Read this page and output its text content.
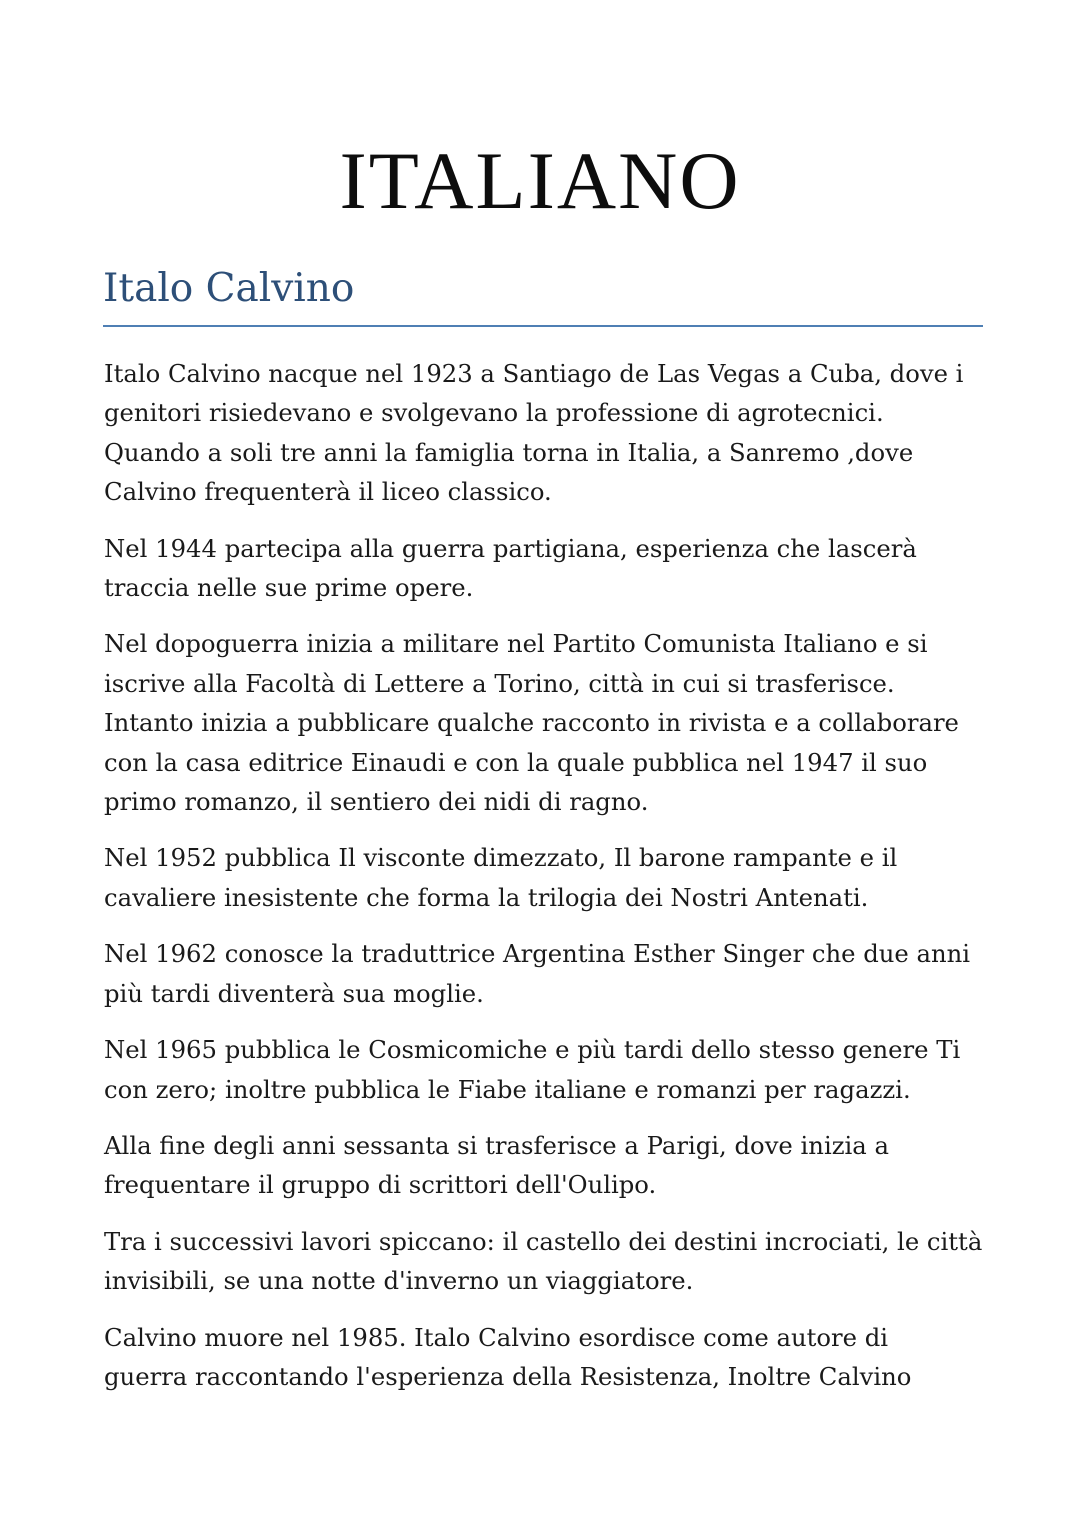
ITALIANO
Italo Calvino

Italo Calvino nacque nel 1923 a Santiago de Las Vegas a Cuba, dove i
genitori risiedevano e svolgevano la professione di agrotecnici.
Quando a soli tre anni la famiglia torna in Italia, a Sanremo ,dove
Calvino frequenterà il liceo classico.

Nel 1944 partecipa alla guerra partigiana, esperienza che lascerà
traccia nelle sue prime opere.

Nel dopoguerra inizia a militare nel Partito Comunista Italiano e si
iscrive alla Facoltà di Lettere a Torino, città in cui si trasferisce.
Intanto inizia a pubblicare qualche racconto in rivista e a collaborare
con la casa editrice Einaudi e con la quale pubblica nel 1947 il suo
primo romanzo, il sentiero dei nidi di ragno.

Nel 1952 pubblica Il visconte dimezzato, Il barone rampante e il
cavaliere inesistente che forma la trilogia dei Nostri Antenati.

Nel 1962 conosce la traduttrice Argentina Esther Singer che due anni
più tardi diventerà sua moglie.

Nel 1965 pubblica le Cosmicomiche e più tardi dello stesso genere Ti
con zero; inoltre pubblica le Fiabe italiane e romanzi per ragazzi.

Alla fine degli anni sessanta si trasferisce a Parigi, dove inizia a
frequentare il gruppo di scrittori dell'Oulipo.

Tra i successivi lavori spiccano: il castello dei destini incrociati, le città
invisibili, se una notte d'inverno un viaggiatore.

Calvino muore nel 1985. Italo Calvino esordisce come autore di
guerra raccontando l'esperienza della Resistenza, Inoltre Calvino
